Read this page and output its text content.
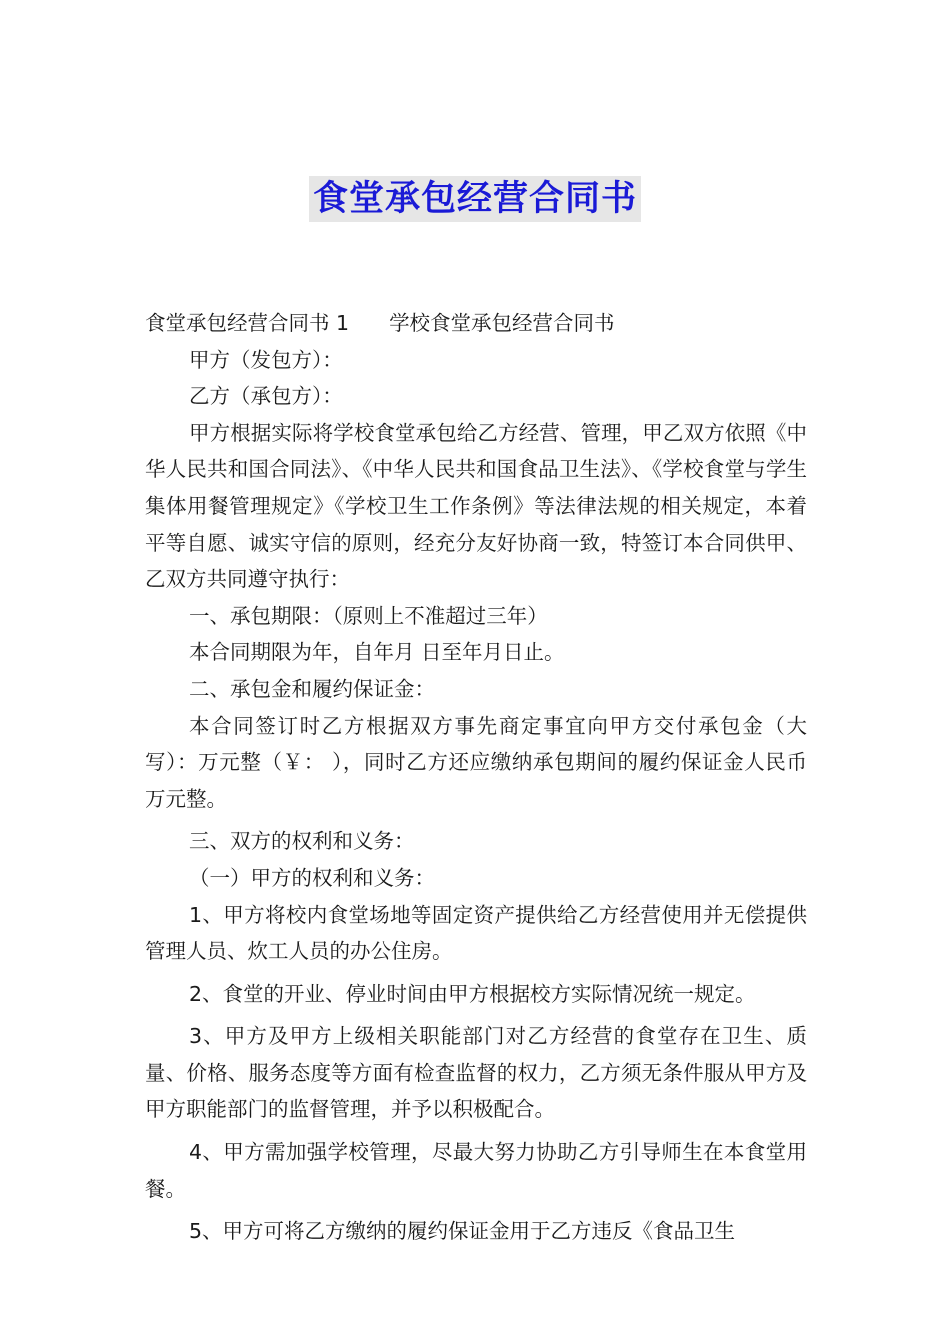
食堂承包经营合同书

食堂承包经营合同书 1 学校食堂承包经营合同书

甲方（发包方）：

乙方（承包方）：

甲方根据实际将学校食堂承包给乙方经营、管理，甲乙双方依照《中华人民共和国合同法》、《中华人民共和国食品卫生法》、《学校食堂与学生集体用餐管理规定》《学校卫生工作条例》等法律法规的相关规定，本着平等自愿、诚实守信的原则，经充分友好协商一致，特签订本合同供甲、乙双方共同遵守执行：

一、承包期限：（原则上不准超过三年）

本合同期限为年，自年月 日至年月日止。

二、承包金和履约保证金：

本合同签订时乙方根据双方事先商定事宜向甲方交付承包金（大写）：万元整（￥： ），同时乙方还应缴纳承包期间的履约保证金人民币 万元整。

三、双方的权利和义务：

（一）甲方的权利和义务：

1、甲方将校内食堂场地等固定资产提供给乙方经营使用并无偿提供管理人员、炊工人员的办公住房。

2、食堂的开业、停业时间由甲方根据校方实际情况统一规定。

3、甲方及甲方上级相关职能部门对乙方经营的食堂存在卫生、质量、价格、服务态度等方面有检查监督的权力，乙方须无条件服从甲方及甲方职能部门的监督管理，并予以积极配合。

4、甲方需加强学校管理，尽最大努力协助乙方引导师生在本食堂用餐。

5、甲方可将乙方缴纳的履约保证金用于乙方违反《食品卫生
